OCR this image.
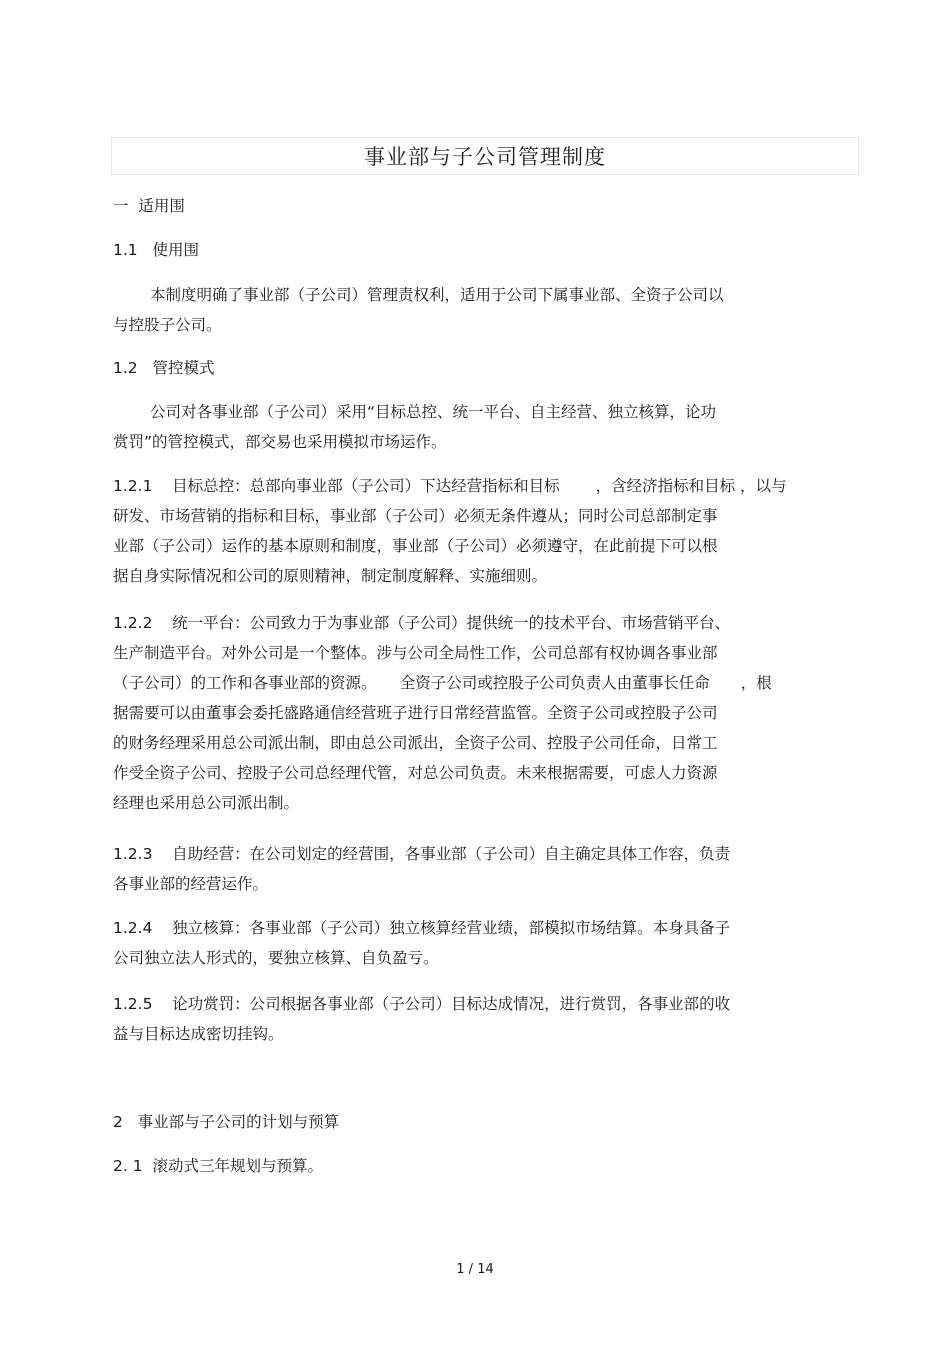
事业部与子公司管理制度
一 适用围
1.1 使用围
本制度明确了事业部（子公司）管理责权利，适用于公司下属事业部、全资子公司以
与控股子公司。
1.2 管控模式
公司对各事业部（子公司）采用“目标总控、统一平台、自主经营、独立核算，论功
赏罚”的管控模式，部交易也采用模拟市场运作。
1.2.1 目标总控：总部向事业部（子公司）下达经营指标和目标 　　，含经济指标和目标 ，以与
研发、市场营销的指标和目标，事业部（子公司）必须无条件遵从；同时公司总部制定事
业部（子公司）运作的基本原则和制度，事业部（子公司）必须遵守，在此前提下可以根
据自身实际情况和公司的原则精神，制定制度解释、实施细则。
1.2.2 统一平台：公司致力于为事业部（子公司）提供统一的技术平台、市场营销平台、
生产制造平台。对外公司是一个整体。涉与公司全局性工作，公司总部有权协调各事业部
（子公司）的工作和各事业部的资源。　　全资子公司或控股子公司负责人由董事长任命　　，根
据需要可以由董事会委托盛路通信经营班子进行日常经营监管。全资子公司或控股子公司
的财务经理采用总公司派出制，即由总公司派出，全资子公司、控股子公司任命，日常工
作受全资子公司、控股子公司总经理代管，对总公司负责。未来根据需要，可虑人力资源
经理也采用总公司派出制。
1.2.3 自助经营：在公司划定的经营围，各事业部（子公司）自主确定具体工作容，负责
各事业部的经营运作。
1.2.4 独立核算：各事业部（子公司）独立核算经营业绩，部模拟市场结算。本身具备子
公司独立法人形式的，要独立核算、自负盈亏。
1.2.5 论功赏罚：公司根据各事业部（子公司）目标达成情况，进行赏罚，各事业部的收
益与目标达成密切挂钩。
2 事业部与子公司的计划与预算
2. 1 滚动式三年规划与预算。
1 / 14
